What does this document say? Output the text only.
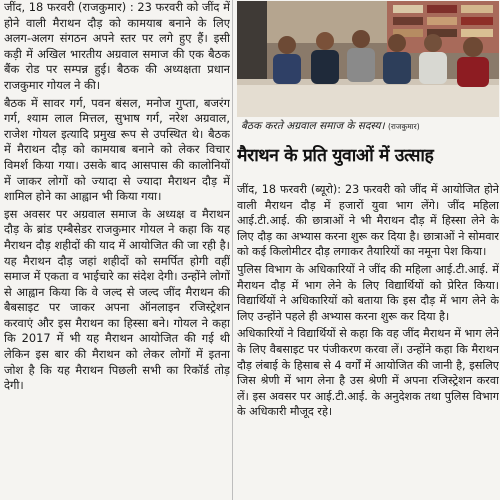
जींद, 18 फरवरी (राजकुमार) : 23 फरवरी को जींद में होने वाली मैराथन दौड़ को कामयाब बनाने के लिए अलग-अलग संगठन अपने स्तर पर लगे हुए हैं। इसी कड़ी में अखिल भारतीय अग्रवाल समाज की एक बैठक बैंक रोड पर सम्पन्न हुई। बैठक की अध्यक्षता प्रधान राजकुमार गोयल ने की।

बैठक में सावर गर्ग, पवन बंसल, मनोज गुप्ता, बजरंग गर्ग, श्याम लाल मित्तल, सुभाष गर्ग, नरेश अग्रवाल, राजेश गोयल इत्यादि प्रमुख रूप से उपस्थित थे। बैठक में मैराथन दौड़ को कामयाब बनाने को लेकर विचार विमर्श किया गया। उसके बाद आसपास की कालोनियों में जाकर लोगों को ज्यादा से ज्यादा मैराथन दौड़ में शामिल होने का आह्वान भी किया गया।

इस अवसर पर अग्रवाल समाज के अध्यक्ष व मैराथन दौड़ के ब्रांड एम्बैसेडर राजकुमार गोयल ने कहा कि यह मैराथन दौड़ शहीदों की याद में आयोजित की जा रही है। यह मैराथन दौड़ जहां शहीदों को समर्पित होगी वहीं समाज में एकता व भाईचारे का संदेश देगी। उन्होंने लोगों से आह्वान किया कि वे जल्द से जल्द जींद मैराथन की बैबसाइट पर जाकर अपना ऑनलाइन रजिस्ट्रेशन करवाएं और इस मैराथन का हिस्सा बने। गोयल ने कहा कि 2017 में भी यह मैराथन आयोजित की गई थी लेकिन इस बार की मैराथन को लेकर लोगों में इतना जोश है कि यह मैराथन पिछली सभी का रिकॉर्ड तोड़ देगी।

बैठक करते अग्रवाल समाज के सदस्य। (राजकुमार)
मैराथन के प्रति युवाओं में उत्साह

जींद, 18 फरवरी (ब्यूरो): 23 फरवरी को जींद में आयोजित होने वाली मैराथन दौड़ में हजारों युवा भाग लेंगे। जींद महिला आई.टी.आई. की छात्राओं ने भी मैराथन दौड़ में हिस्सा लेने के लिए दौड़ का अभ्यास करना शुरू कर दिया है। छात्राओं ने सोमवार को कई किलोमीटर दौड़ लगाकर तैयारियों का नमूना पेश किया।

पुलिस विभाग के अधिकारियों ने जींद की महिला आई.टी.आई. में मैराथन दौड़ में भाग लेने के लिए विद्यार्थियों को प्रेरित किया। विद्यार्थियों ने अधिकारियों को बताया कि इस दौड़ में भाग लेने के लिए उन्होंने पहले ही अभ्यास करना शुरू कर दिया है।

अधिकारियों ने विद्यार्थियों से कहा कि वह जींद मैराथन में भाग लेने के लिए वैबसाइट पर पंजीकरण करवा लें। उन्होंने कहा कि मैराथन दौड़ लंबाई के हिसाब से 4 वर्गों में आयोजित की जानी है, इसलिए जिस श्रेणी में भाग लेना है उस श्रेणी में अपना रजिस्ट्रेशन करवा लें। इस अवसर पर आई.टी.आई. के अनुदेशक तथा पुलिस विभाग के अधिकारी मौजूद रहे।
